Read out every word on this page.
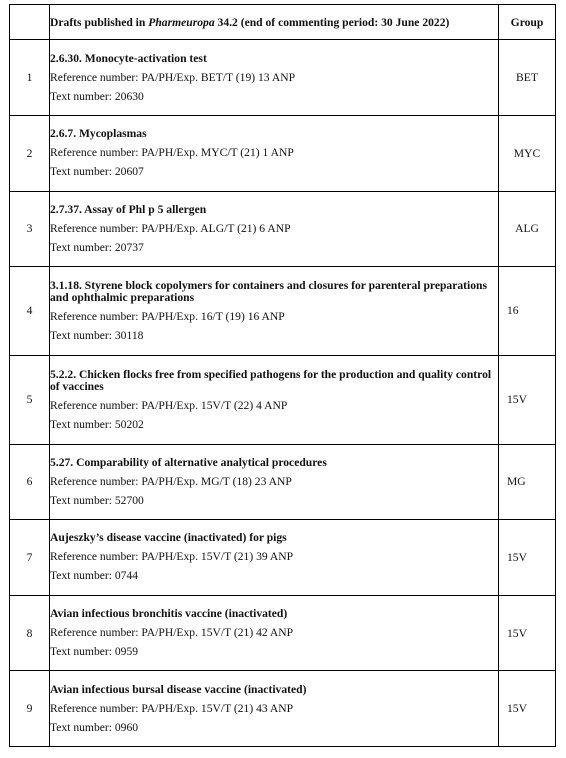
	Drafts published in Pharmeuropa 34.2 (end of commenting period: 30 June 2022)	Group
1	2.6.30. Monocyte-activation test
Reference number: PA/PH/Exp. BET/T (19) 13 ANP
Text number: 20630	BET
2	2.6.7. Mycoplasmas
Reference number: PA/PH/Exp. MYC/T (21) 1 ANP
Text number: 20607	MYC
3	2.7.37. Assay of Phl p 5 allergen
Reference number: PA/PH/Exp. ALG/T (21) 6 ANP
Text number: 20737	ALG
4	3.1.18. Styrene block copolymers for containers and closures for parenteral preparations and ophthalmic preparations
Reference number: PA/PH/Exp. 16/T (19) 16 ANP
Text number: 30118	16
5	5.2.2. Chicken flocks free from specified pathogens for the production and quality control of vaccines
Reference number: PA/PH/Exp. 15V/T (22) 4 ANP
Text number: 50202	15V
6	5.27. Comparability of alternative analytical procedures
Reference number: PA/PH/Exp. MG/T (18) 23 ANP
Text number: 52700	MG
7	Aujeszky’s disease vaccine (inactivated) for pigs
Reference number: PA/PH/Exp. 15V/T (21) 39 ANP
Text number: 0744	15V
8	Avian infectious bronchitis vaccine (inactivated)
Reference number: PA/PH/Exp. 15V/T (21) 42 ANP
Text number: 0959	15V
9	Avian infectious bursal disease vaccine (inactivated)
Reference number: PA/PH/Exp. 15V/T (21) 43 ANP
Text number: 0960	15V
